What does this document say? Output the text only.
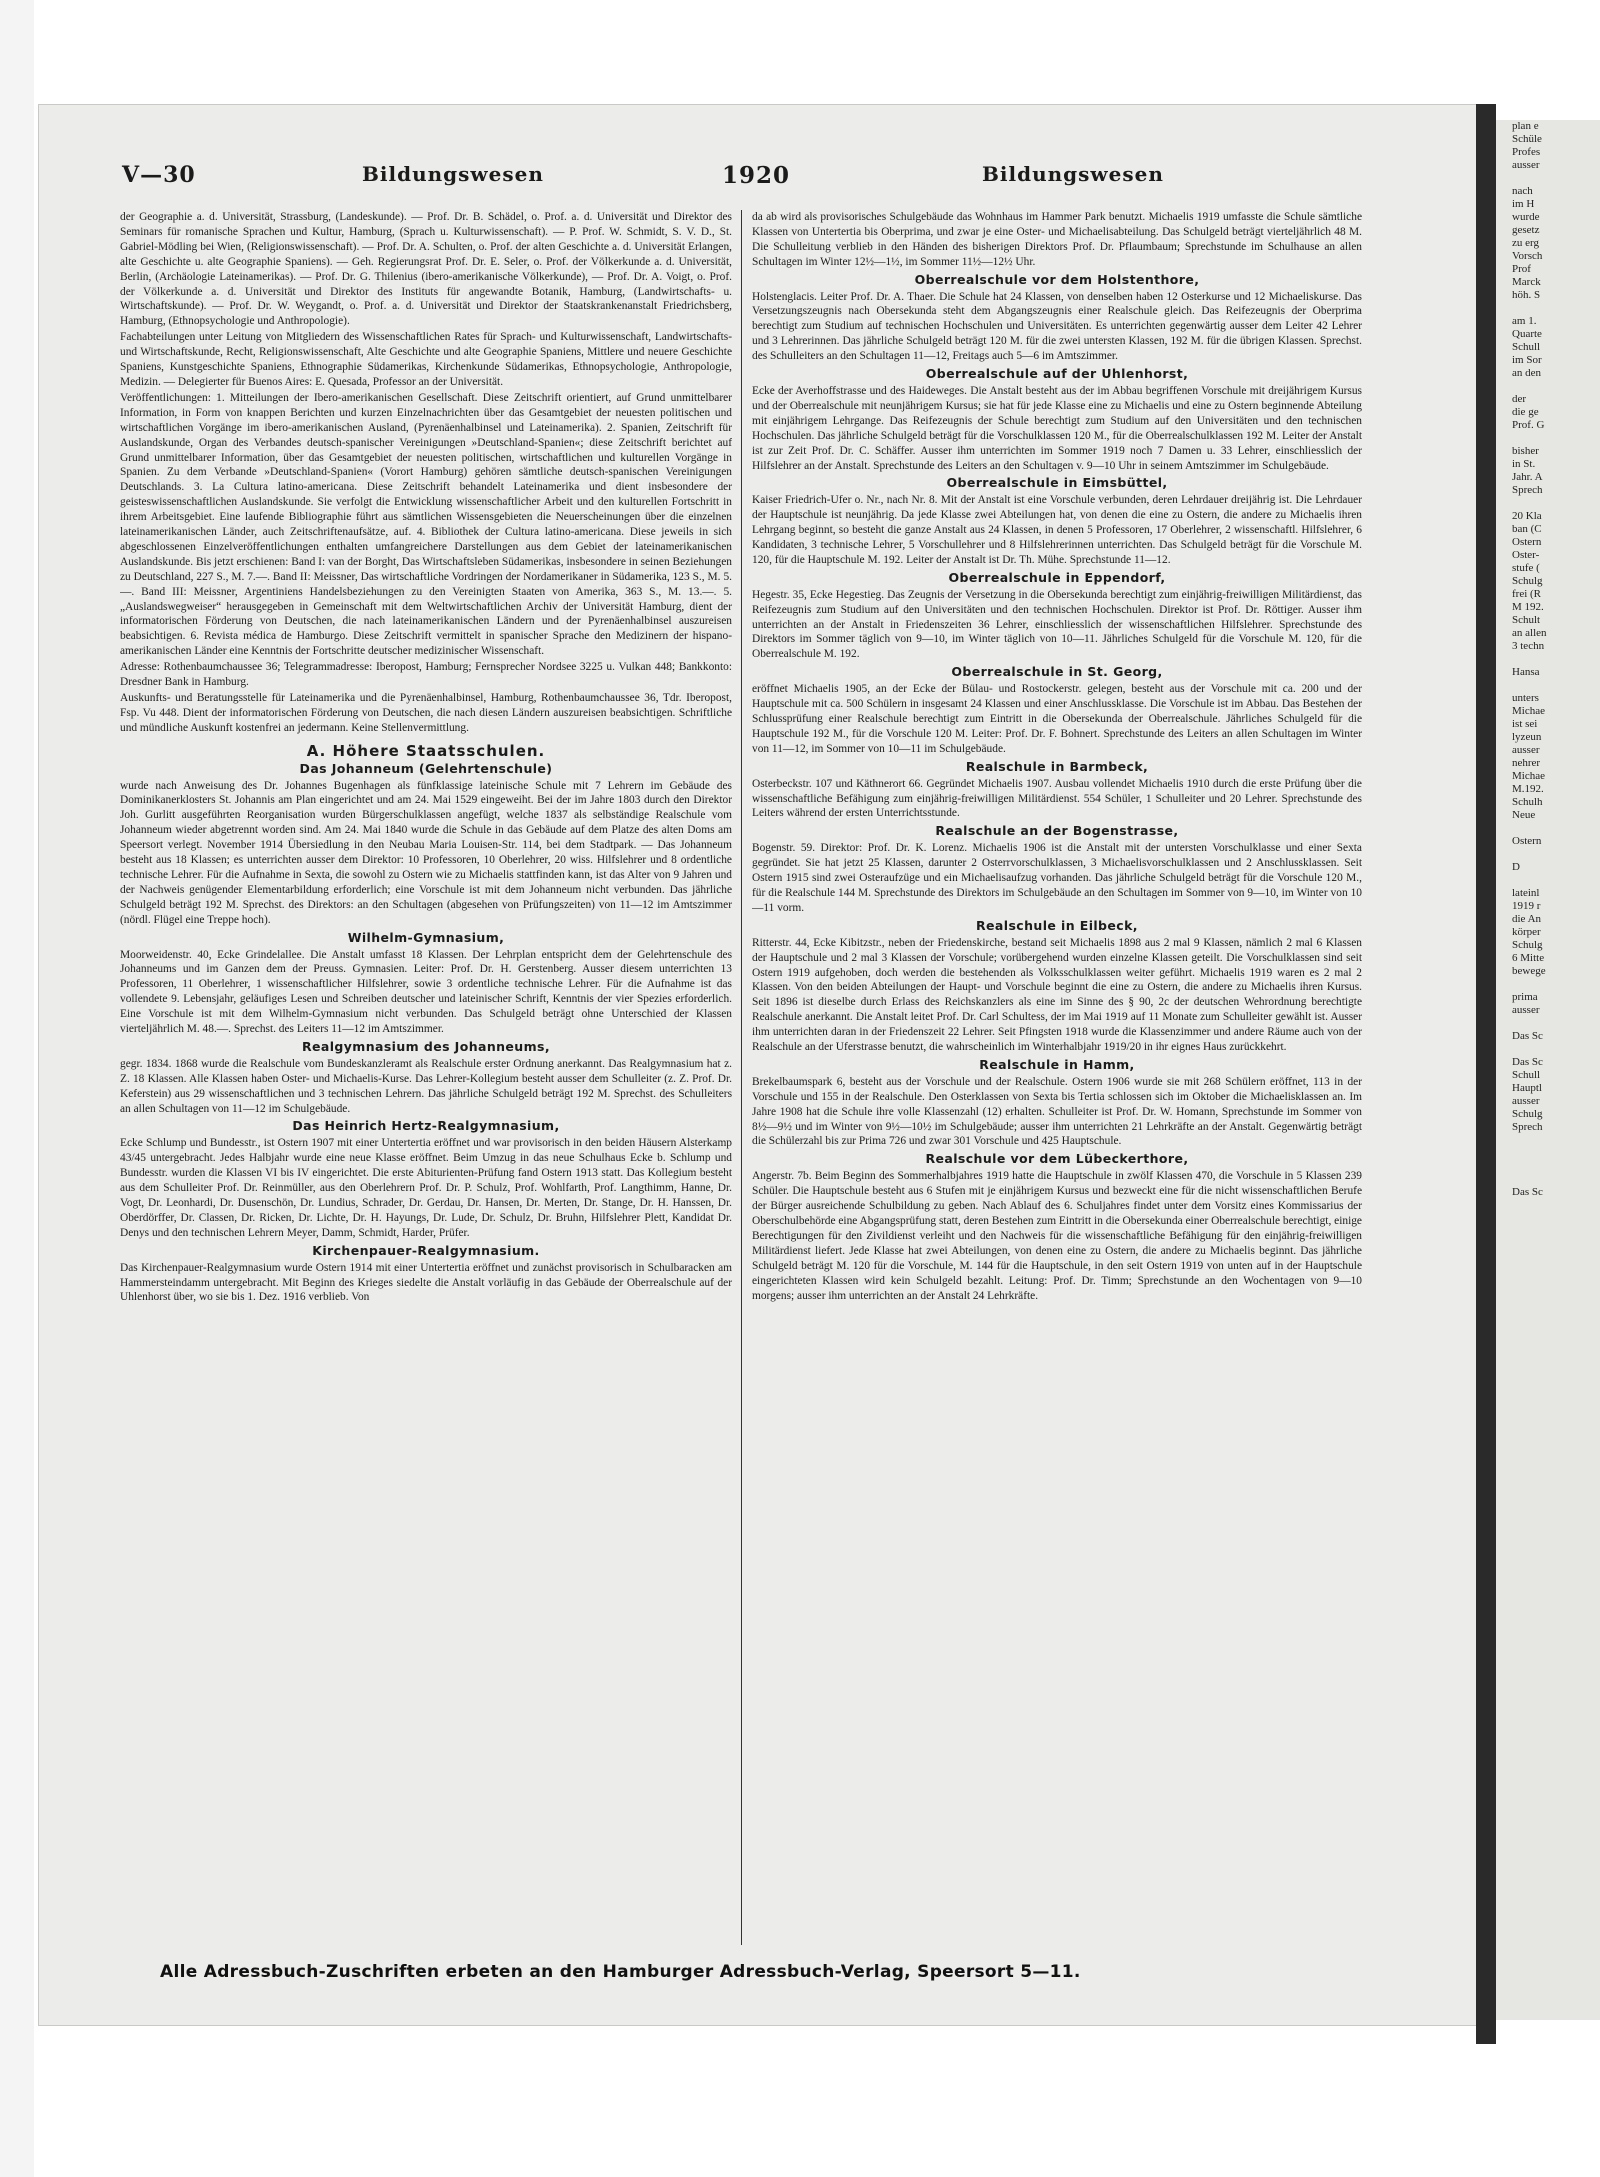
plan e
Schüle
Profes
ausser

nach
im H
wurde
gesetz
zu erg
Vorsch
Prof
Marck
höh. S

am 1.
Quarte
Schull
im Sor
an den

der
die ge
Prof. G

bisher
in St.
Jahr. A
Sprech

20 Kla
ban (C
Ostern
Oster-
stufe (
Schulg
frei (R
M 192.
Schult
an allen
3 techn

Hansa

unters
Michae
ist sei
lyzeun
ausser
nehrer
Michae
M.192.
Schulh
Neue

Ostern

D

lateinl
1919 r
die An
körper
Schulg
6 Mitte
bewege

prima
ausser

Das Sc

Das Sc
Schull
Hauptl
ausser
Schulg
Sprech

Das Sc
V—30	Bildungswesen	1920	Bildungswesen

der Geographie a. d. Universität, Strassburg, (Landeskunde). — Prof. Dr. B. Schädel, o. Prof. a. d. Universität und Direktor des Seminars für romanische Sprachen und Kultur, Hamburg, (Sprach u. Kulturwissenschaft). — P. Prof. W. Schmidt, S. V. D., St. Gabriel-Mödling bei Wien, (Religionswissenschaft). — Prof. Dr. A. Schulten, o. Prof. der alten Geschichte a. d. Universität Erlangen, alte Geschichte u. alte Geographie Spaniens). — Geh. Regierungsrat Prof. Dr. E. Seler, o. Prof. der Völkerkunde a. d. Universität, Berlin, (Archäologie Lateinamerikas). — Prof. Dr. G. Thilenius (ibero-amerikanische Völkerkunde), — Prof. Dr. A. Voigt, o. Prof. der Völkerkunde a. d. Universität und Direktor des Instituts für angewandte Botanik, Hamburg, (Landwirtschafts- u. Wirtschaftskunde). — Prof. Dr. W. Weygandt, o. Prof. a. d. Universität und Direktor der Staatskrankenanstalt Friedrichsberg, Hamburg, (Ethnopsychologie und Anthropologie).

Fachabteilungen unter Leitung von Mitgliedern des Wissenschaftlichen Rates für Sprach- und Kulturwissenschaft, Landwirtschafts- und Wirtschaftskunde, Recht, Religionswissenschaft, Alte Geschichte und alte Geographie Spaniens, Mittlere und neuere Geschichte Spaniens, Kunstgeschichte Spaniens, Ethnographie Südamerikas, Kirchenkunde Südamerikas, Ethnopsychologie, Anthropologie, Medizin. — Delegierter für Buenos Aires: E. Quesada, Professor an der Universität.

Veröffentlichungen: 1. Mitteilungen der Ibero-amerikanischen Gesellschaft. Diese Zeitschrift orientiert, auf Grund unmittelbarer Information, in Form von knappen Berichten und kurzen Einzelnachrichten über das Gesamtgebiet der neuesten politischen und wirtschaftlichen Vorgänge im ibero-amerikanischen Ausland, (Pyrenäenhalbinsel und Lateinamerika). 2. Spanien, Zeitschrift für Auslandskunde, Organ des Verbandes deutsch-spanischer Vereinigungen »Deutschland-Spanien«; diese Zeitschrift berichtet auf Grund unmittelbarer Information, über das Gesamtgebiet der neuesten politischen, wirtschaftlichen und kulturellen Vorgänge in Spanien. Zu dem Verbande »Deutschland-Spanien« (Vorort Hamburg) gehören sämtliche deutsch-spanischen Vereinigungen Deutschlands. 3. La Cultura latino-americana. Diese Zeitschrift behandelt Lateinamerika und dient insbesondere der geisteswissenschaftlichen Auslandskunde. Sie verfolgt die Entwicklung wissenschaftlicher Arbeit und den kulturellen Fortschritt in ihrem Arbeitsgebiet. Eine laufende Bibliographie führt aus sämtlichen Wissensgebieten die Neuerscheinungen über die einzelnen lateinamerikanischen Länder, auch Zeitschriftenaufsätze, auf. 4. Bibliothek der Cultura latino-americana. Diese jeweils in sich abgeschlossenen Einzelveröffentlichungen enthalten umfangreichere Darstellungen aus dem Gebiet der lateinamerikanischen Auslandskunde. Bis jetzt erschienen: Band I: van der Borght, Das Wirtschaftsleben Südamerikas, insbesondere in seinen Beziehungen zu Deutschland, 227 S., M. 7.—. Band II: Meissner, Das wirtschaftliche Vordringen der Nordamerikaner in Südamerika, 123 S., M. 5.—. Band III: Meissner, Argentiniens Handelsbeziehungen zu den Vereinigten Staaten von Amerika, 363 S., M. 13.—. 5. „Auslandswegweiser“ herausgegeben in Gemeinschaft mit dem Weltwirtschaftlichen Archiv der Universität Hamburg, dient der informatorischen Förderung von Deutschen, die nach lateinamerikanischen Ländern und der Pyrenäenhalbinsel auszureisen beabsichtigen. 6. Revista médica de Hamburgo. Diese Zeitschrift vermittelt in spanischer Sprache den Medizinern der hispano-amerikanischen Länder eine Kenntnis der Fortschritte deutscher medizinischer Wissenschaft.

Adresse: Rothenbaumchaussee 36; Telegrammadresse: Iberopost, Hamburg; Fernsprecher Nordsee 3225 u. Vulkan 448; Bankkonto: Dresdner Bank in Hamburg.

Auskunfts- und Beratungsstelle für Lateinamerika und die Pyrenäenhalbinsel, Hamburg, Rothenbaumchaussee 36, Tdr. Iberopost, Fsp. Vu 448. Dient der informatorischen Förderung von Deutschen, die nach diesen Ländern auszureisen beabsichtigen. Schriftliche und mündliche Auskunft kostenfrei an jedermann. Keine Stellenvermittlung.

A. Höhere Staatsschulen.
Das Johanneum (Gelehrtenschule)

wurde nach Anweisung des Dr. Johannes Bugenhagen als fünfklassige lateinische Schule mit 7 Lehrern im Gebäude des Dominikanerklosters St. Johannis am Plan eingerichtet und am 24. Mai 1529 eingeweiht. Bei der im Jahre 1803 durch den Direktor Joh. Gurlitt ausgeführten Reorganisation wurden Bürgerschulklassen angefügt, welche 1837 als selbständige Realschule vom Johanneum wieder abgetrennt worden sind. Am 24. Mai 1840 wurde die Schule in das Gebäude auf dem Platze des alten Doms am Speersort verlegt. November 1914 Übersiedlung in den Neubau Maria Louisen-Str. 114, bei dem Stadtpark. — Das Johanneum besteht aus 18 Klassen; es unterrichten ausser dem Direktor: 10 Professoren, 10 Oberlehrer, 20 wiss. Hilfslehrer und 8 ordentliche technische Lehrer. Für die Aufnahme in Sexta, die sowohl zu Ostern wie zu Michaelis stattfinden kann, ist das Alter von 9 Jahren und der Nachweis genügender Elementarbildung erforderlich; eine Vorschule ist mit dem Johanneum nicht verbunden. Das jährliche Schulgeld beträgt 192 M. Sprechst. des Direktors: an den Schultagen (abgesehen von Prüfungszeiten) von 11—12 im Amtszimmer (nördl. Flügel eine Treppe hoch).

Wilhelm-Gymnasium,

Moorweidenstr. 40, Ecke Grindelallee. Die Anstalt umfasst 18 Klassen. Der Lehrplan entspricht dem der Gelehrtenschule des Johanneums und im Ganzen dem der Preuss. Gymnasien. Leiter: Prof. Dr. H. Gerstenberg. Ausser diesem unterrichten 13 Professoren, 11 Oberlehrer, 1 wissenschaftlicher Hilfslehrer, sowie 3 ordentliche technische Lehrer. Für die Aufnahme ist das vollendete 9. Lebensjahr, geläufiges Lesen und Schreiben deutscher und lateinischer Schrift, Kenntnis der vier Spezies erforderlich. Eine Vorschule ist mit dem Wilhelm-Gymnasium nicht verbunden. Das Schulgeld beträgt ohne Unterschied der Klassen vierteljährlich M. 48.—. Sprechst. des Leiters 11—12 im Amtszimmer.

Realgymnasium des Johanneums,

gegr. 1834. 1868 wurde die Realschule vom Bundeskanzleramt als Realschule erster Ordnung anerkannt. Das Realgymnasium hat z. Z. 18 Klassen. Alle Klassen haben Oster- und Michaelis-Kurse. Das Lehrer-Kollegium besteht ausser dem Schulleiter (z. Z. Prof. Dr. Keferstein) aus 29 wissenschaftlichen und 3 technischen Lehrern. Das jährliche Schulgeld beträgt 192 M. Sprechst. des Schulleiters an allen Schultagen von 11—12 im Schulgebäude.

Das Heinrich Hertz-Realgymnasium,

Ecke Schlump und Bundesstr., ist Ostern 1907 mit einer Untertertia eröffnet und war provisorisch in den beiden Häusern Alsterkamp 43/45 untergebracht. Jedes Halbjahr wurde eine neue Klasse eröffnet. Beim Umzug in das neue Schulhaus Ecke b. Schlump und Bundesstr. wurden die Klassen VI bis IV eingerichtet. Die erste Abiturienten-Prüfung fand Ostern 1913 statt. Das Kollegium besteht aus dem Schulleiter Prof. Dr. Reinmüller, aus den Oberlehrern Prof. Dr. P. Schulz, Prof. Wohlfarth, Prof. Langthimm, Hanne, Dr. Vogt, Dr. Leonhardi, Dr. Dusenschön, Dr. Lundius, Schrader, Dr. Gerdau, Dr. Hansen, Dr. Merten, Dr. Stange, Dr. H. Hanssen, Dr. Oberdörffer, Dr. Classen, Dr. Ricken, Dr. Lichte, Dr. H. Hayungs, Dr. Lude, Dr. Schulz, Dr. Bruhn, Hilfslehrer Plett, Kandidat Dr. Denys und den technischen Lehrern Meyer, Damm, Schmidt, Harder, Prüfer.

Kirchenpauer-Realgymnasium.

Das Kirchenpauer-Realgymnasium wurde Ostern 1914 mit einer Untertertia eröffnet und zunächst provisorisch in Schulbaracken am Hammersteindamm untergebracht. Mit Beginn des Krieges siedelte die Anstalt vorläufig in das Gebäude der Oberrealschule auf der Uhlenhorst über, wo sie bis 1. Dez. 1916 verblieb. Von

da ab wird als provisorisches Schulgebäude das Wohnhaus im Hammer Park benutzt. Michaelis 1919 umfasste die Schule sämtliche Klassen von Untertertia bis Oberprima, und zwar je eine Oster- und Michaelisabteilung. Das Schulgeld beträgt vierteljährlich 48 M. Die Schulleitung verblieb in den Händen des bisherigen Direktors Prof. Dr. Pflaumbaum; Sprechstunde im Schulhause an allen Schultagen im Winter 12½—1½, im Sommer 11½—12½ Uhr.

Oberrealschule vor dem Holstenthore,

Holstenglacis. Leiter Prof. Dr. A. Thaer. Die Schule hat 24 Klassen, von denselben haben 12 Osterkurse und 12 Michaeliskurse. Das Versetzungszeugnis nach Obersekunda steht dem Abgangszeugnis einer Realschule gleich. Das Reifezeugnis der Oberprima berechtigt zum Studium auf technischen Hochschulen und Universitäten. Es unterrichten gegenwärtig ausser dem Leiter 42 Lehrer und 3 Lehrerinnen. Das jährliche Schulgeld beträgt 120 M. für die zwei untersten Klassen, 192 M. für die übrigen Klassen. Sprechst. des Schulleiters an den Schultagen 11—12, Freitags auch 5—6 im Amtszimmer.

Oberrealschule auf der Uhlenhorst,

Ecke der Averhoffstrasse und des Haideweges. Die Anstalt besteht aus der im Abbau begriffenen Vorschule mit dreijährigem Kursus und der Oberrealschule mit neunjährigem Kursus; sie hat für jede Klasse eine zu Michaelis und eine zu Ostern beginnende Abteilung mit einjährigem Lehrgange. Das Reifezeugnis der Schule berechtigt zum Studium auf den Universitäten und den technischen Hochschulen. Das jährliche Schulgeld beträgt für die Vorschulklassen 120 M., für die Oberrealschulklassen 192 M. Leiter der Anstalt ist zur Zeit Prof. Dr. C. Schäffer. Ausser ihm unterrichten im Sommer 1919 noch 7 Damen u. 33 Lehrer, einschliesslich der Hilfslehrer an der Anstalt. Sprechstunde des Leiters an den Schultagen v. 9—10 Uhr in seinem Amtszimmer im Schulgebäude.

Oberrealschule in Eimsbüttel,

Kaiser Friedrich-Ufer o. Nr., nach Nr. 8. Mit der Anstalt ist eine Vorschule verbunden, deren Lehrdauer dreijährig ist. Die Lehrdauer der Hauptschule ist neunjährig. Da jede Klasse zwei Abteilungen hat, von denen die eine zu Ostern, die andere zu Michaelis ihren Lehrgang beginnt, so besteht die ganze Anstalt aus 24 Klassen, in denen 5 Professoren, 17 Oberlehrer, 2 wissenschaftl. Hilfslehrer, 6 Kandidaten, 3 technische Lehrer, 5 Vorschullehrer und 8 Hilfslehrerinnen unterrichten. Das Schulgeld beträgt für die Vorschule M. 120, für die Hauptschule M. 192. Leiter der Anstalt ist Dr. Th. Mühe. Sprechstunde 11—12.

Oberrealschule in Eppendorf,

Hegestr. 35, Ecke Hegestieg. Das Zeugnis der Versetzung in die Obersekunda berechtigt zum einjährig-freiwilligen Militärdienst, das Reifezeugnis zum Studium auf den Universitäten und den technischen Hochschulen. Direktor ist Prof. Dr. Röttiger. Ausser ihm unterrichten an der Anstalt in Friedenszeiten 36 Lehrer, einschliesslich der wissenschaftlichen Hilfslehrer. Sprechstunde des Direktors im Sommer täglich von 9—10, im Winter täglich von 10—11. Jährliches Schulgeld für die Vorschule M. 120, für die Oberrealschule M. 192.

Oberrealschule in St. Georg,

eröffnet Michaelis 1905, an der Ecke der Bülau- und Rostockerstr. gelegen, besteht aus der Vorschule mit ca. 200 und der Hauptschule mit ca. 500 Schülern in insgesamt 24 Klassen und einer Anschlussklasse. Die Vorschule ist im Abbau. Das Bestehen der Schlussprüfung einer Realschule berechtigt zum Eintritt in die Obersekunda der Oberrealschule. Jährliches Schulgeld für die Hauptschule 192 M., für die Vorschule 120 M. Leiter: Prof. Dr. F. Bohnert. Sprechstunde des Leiters an allen Schultagen im Winter von 11—12, im Sommer von 10—11 im Schulgebäude.

Realschule in Barmbeck,

Osterbeckstr. 107 und Käthnerort 66. Gegründet Michaelis 1907. Ausbau vollendet Michaelis 1910 durch die erste Prüfung über die wissenschaftliche Befähigung zum einjährig-freiwilligen Militärdienst. 554 Schüler, 1 Schulleiter und 20 Lehrer. Sprechstunde des Leiters während der ersten Unterrichtsstunde.

Realschule an der Bogenstrasse,

Bogenstr. 59. Direktor: Prof. Dr. K. Lorenz. Michaelis 1906 ist die Anstalt mit der untersten Vorschulklasse und einer Sexta gegründet. Sie hat jetzt 25 Klassen, darunter 2 Osterrvorschulklassen, 3 Michaelisvorschulklassen und 2 Anschlussklassen. Seit Ostern 1915 sind zwei Osteraufzüge und ein Michaelisaufzug vorhanden. Das jährliche Schulgeld beträgt für die Vorschule 120 M., für die Realschule 144 M. Sprechstunde des Direktors im Schulgebäude an den Schultagen im Sommer von 9—10, im Winter von 10—11 vorm.

Realschule in Eilbeck,

Ritterstr. 44, Ecke Kibitzstr., neben der Friedenskirche, bestand seit Michaelis 1898 aus 2 mal 9 Klassen, nämlich 2 mal 6 Klassen der Hauptschule und 2 mal 3 Klassen der Vorschule; vorübergehend wurden einzelne Klassen geteilt. Die Vorschulklassen sind seit Ostern 1919 aufgehoben, doch werden die bestehenden als Volksschulklassen weiter geführt. Michaelis 1919 waren es 2 mal 2 Klassen. Von den beiden Abteilungen der Haupt- und Vorschule beginnt die eine zu Ostern, die andere zu Michaelis ihren Kursus. Seit 1896 ist dieselbe durch Erlass des Reichskanzlers als eine im Sinne des § 90, 2c der deutschen Wehrordnung berechtigte Realschule anerkannt. Die Anstalt leitet Prof. Dr. Carl Schultess, der im Mai 1919 auf 11 Monate zum Schulleiter gewählt ist. Ausser ihm unterrichten daran in der Friedenszeit 22 Lehrer. Seit Pfingsten 1918 wurde die Klassenzimmer und andere Räume auch von der Realschule an der Uferstrasse benutzt, die wahrscheinlich im Winterhalbjahr 1919/20 in ihr eignes Haus zurückkehrt.

Realschule in Hamm,

Brekelbaumspark 6, besteht aus der Vorschule und der Realschule. Ostern 1906 wurde sie mit 268 Schülern eröffnet, 113 in der Vorschule und 155 in der Realschule. Den Osterklassen von Sexta bis Tertia schlossen sich im Oktober die Michaelisklassen an. Im Jahre 1908 hat die Schule ihre volle Klassenzahl (12) erhalten. Schulleiter ist Prof. Dr. W. Homann, Sprechstunde im Sommer von 8½—9½ und im Winter von 9½—10½ im Schulgebäude; ausser ihm unterrichten 21 Lehrkräfte an der Anstalt. Gegenwärtig beträgt die Schülerzahl bis zur Prima 726 und zwar 301 Vorschule und 425 Hauptschule.

Realschule vor dem Lübeckerthore,

Angerstr. 7b. Beim Beginn des Sommerhalbjahres 1919 hatte die Hauptschule in zwölf Klassen 470, die Vorschule in 5 Klassen 239 Schüler. Die Hauptschule besteht aus 6 Stufen mit je einjährigem Kursus und bezweckt eine für die nicht wissenschaftlichen Berufe der Bürger ausreichende Schulbildung zu geben. Nach Ablauf des 6. Schuljahres findet unter dem Vorsitz eines Kommissarius der Oberschulbehörde eine Abgangsprüfung statt, deren Bestehen zum Eintritt in die Obersekunda einer Oberrealschule berechtigt, einige Berechtigungen für den Zivildienst verleiht und den Nachweis für die wissenschaftliche Befähigung für den einjährig-freiwilligen Militärdienst liefert. Jede Klasse hat zwei Abteilungen, von denen eine zu Ostern, die andere zu Michaelis beginnt. Das jährliche Schulgeld beträgt M. 120 für die Vorschule, M. 144 für die Hauptschule, in den seit Ostern 1919 von unten auf in der Hauptschule eingerichteten Klassen wird kein Schulgeld bezahlt. Leitung: Prof. Dr. Timm; Sprechstunde an den Wochentagen von 9—10 morgens; ausser ihm unterrichten an der Anstalt 24 Lehrkräfte.

Alle Adressbuch-Zuschriften erbeten an den Hamburger Adressbuch-Verlag, Speersort 5—11.
